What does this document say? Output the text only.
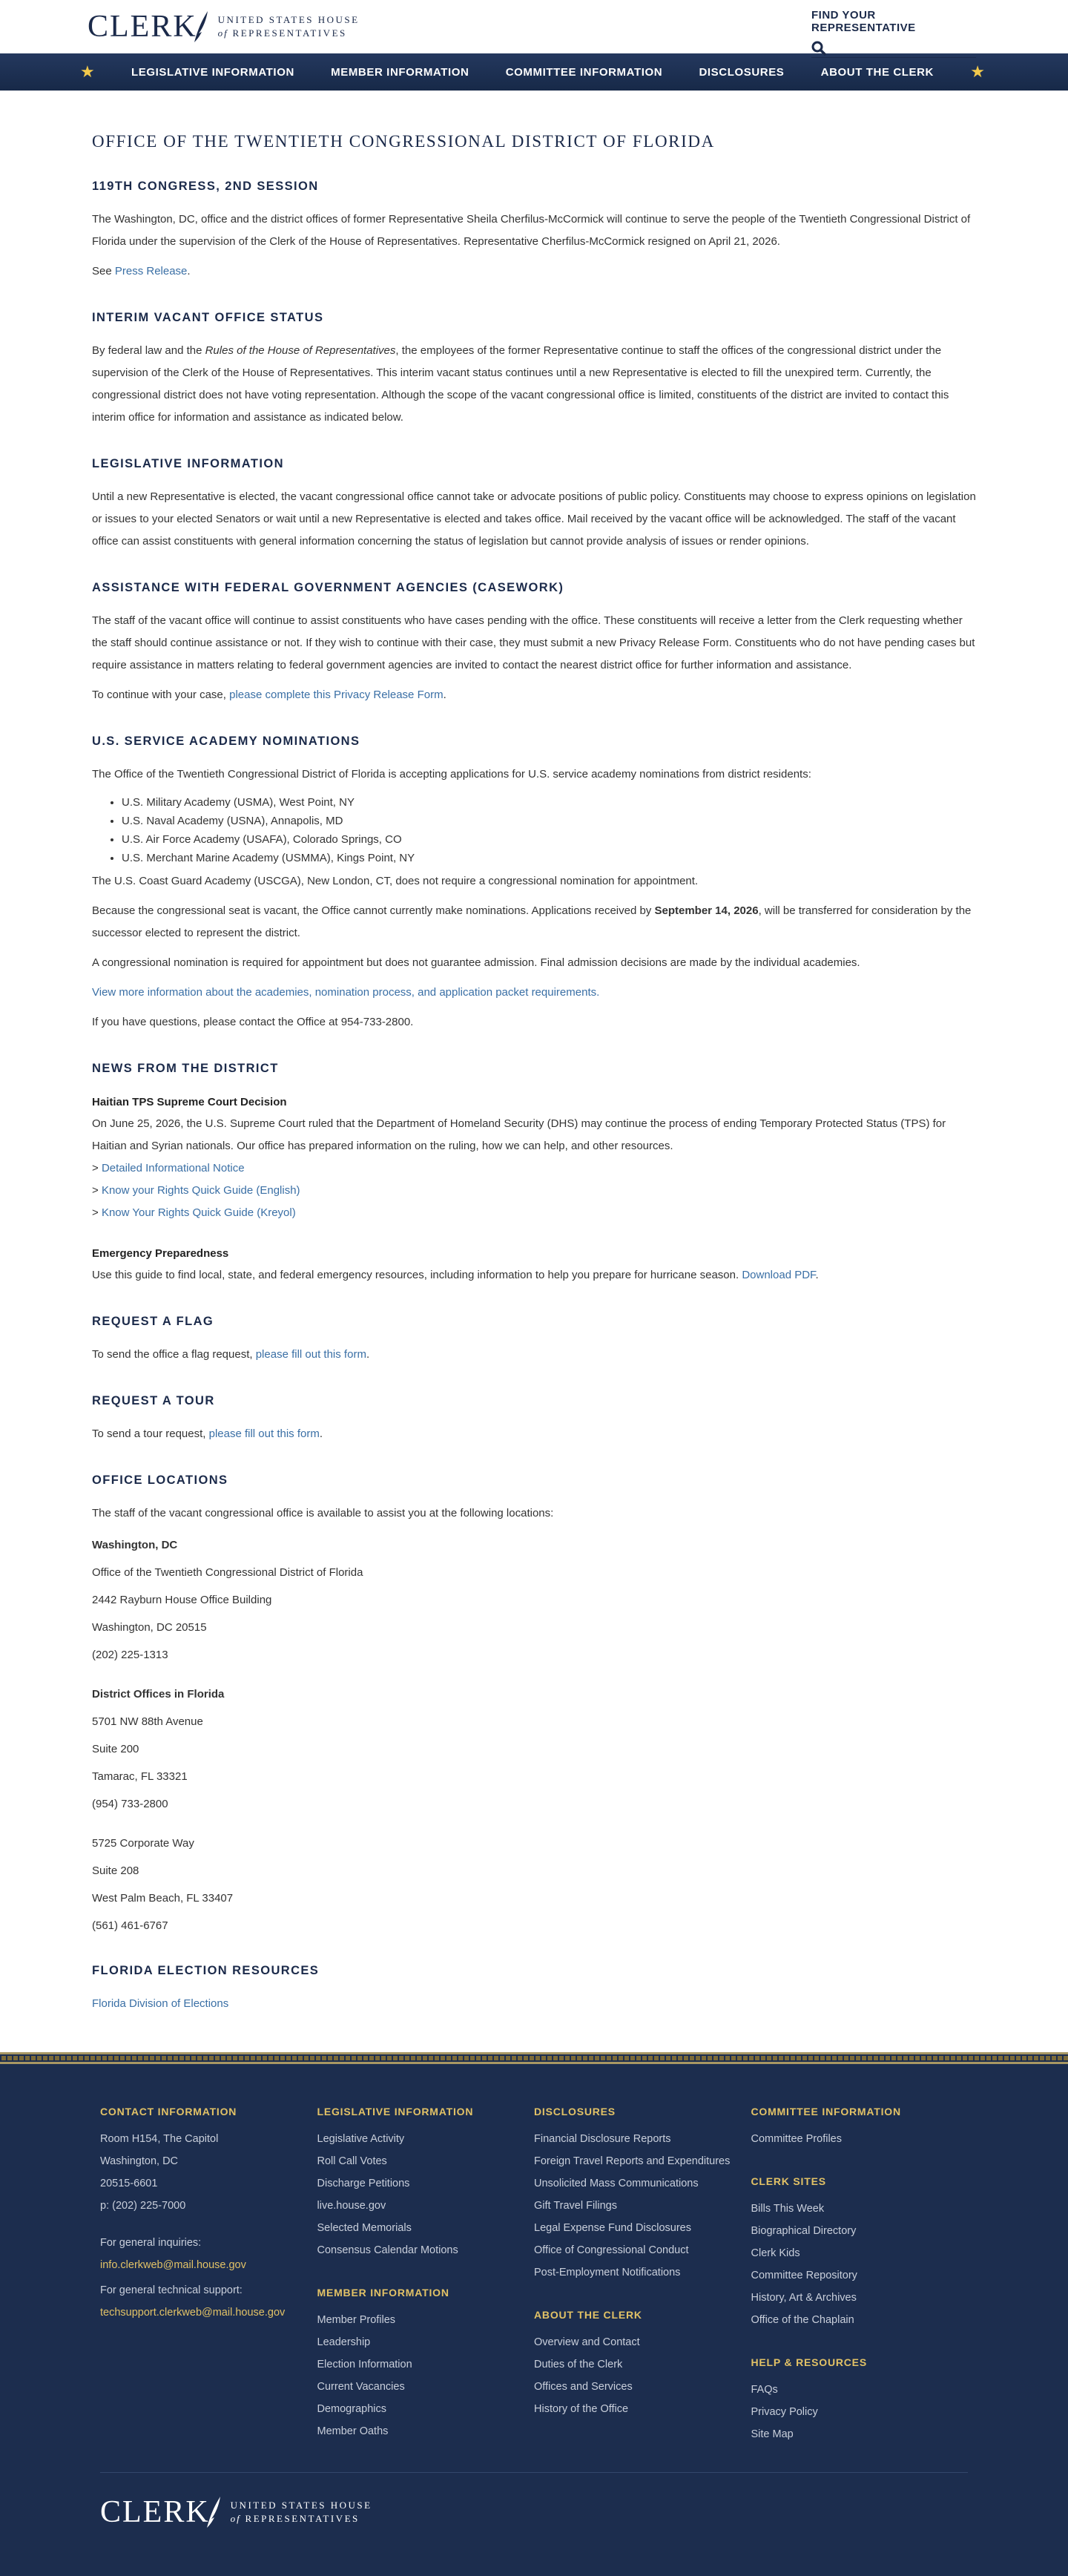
CLERK UNITED STATES HOUSE
of REPRESENTATIVES
FIND YOUR REPRESENTATIVE
★	LEGISLATIVE INFORMATION	MEMBER INFORMATION	COMMITTEE INFORMATION	DISCLOSURES	ABOUT THE CLERK ★
OFFICE OF THE TWENTIETH CONGRESSIONAL DISTRICT OF FLORIDA
119TH CONGRESS, 2ND SESSION

The Washington, DC, office and the district offices of former Representative Sheila Cherfilus-McCormick will continue to serve the people of the Twentieth Congressional District of Florida under the supervision of the Clerk of the House of Representatives. Representative Cherfilus-McCormick resigned on April 21, 2026.

See Press Release.

INTERIM VACANT OFFICE STATUS

By federal law and the Rules of the House of Representatives, the employees of the former Representative continue to staff the offices of the congressional district under the supervision of the Clerk of the House of Representatives. This interim vacant status continues until a new Representative is elected to fill the unexpired term. Currently, the congressional district does not have voting representation. Although the scope of the vacant congressional office is limited, constituents of the district are invited to contact this interim office for information and assistance as indicated below.

LEGISLATIVE INFORMATION

Until a new Representative is elected, the vacant congressional office cannot take or advocate positions of public policy. Constituents may choose to express opinions on legislation or issues to your elected Senators or wait until a new Representative is elected and takes office. Mail received by the vacant office will be acknowledged. The staff of the vacant office can assist constituents with general information concerning the status of legislation but cannot provide analysis of issues or render opinions.

ASSISTANCE WITH FEDERAL GOVERNMENT AGENCIES (CASEWORK)

The staff of the vacant office will continue to assist constituents who have cases pending with the office. These constituents will receive a letter from the Clerk requesting whether the staff should continue assistance or not. If they wish to continue with their case, they must submit a new Privacy Release Form. Constituents who do not have pending cases but require assistance in matters relating to federal government agencies are invited to contact the nearest district office for further information and assistance.

To continue with your case, please complete this Privacy Release Form.

U.S. SERVICE ACADEMY NOMINATIONS

The Office of the Twentieth Congressional District of Florida is accepting applications for U.S. service academy nominations from district residents:

• U.S. Military Academy (USMA), West Point, NY
• U.S. Naval Academy (USNA), Annapolis, MD
• U.S. Air Force Academy (USAFA), Colorado Springs, CO
• U.S. Merchant Marine Academy (USMMA), Kings Point, NY

The U.S. Coast Guard Academy (USCGA), New London, CT, does not require a congressional nomination for appointment.

Because the congressional seat is vacant, the Office cannot currently make nominations. Applications received by September 14, 2026, will be transferred for consideration by the successor elected to represent the district.

A congressional nomination is required for appointment but does not guarantee admission. Final admission decisions are made by the individual academies.

View more information about the academies, nomination process, and application packet requirements.

If you have questions, please contact the Office at 954-733-2800.

NEWS FROM THE DISTRICT
Haitian TPS Supreme Court Decision

On June 25, 2026, the U.S. Supreme Court ruled that the Department of Homeland Security (DHS) may continue the process of ending Temporary Protected Status (TPS) for Haitian and Syrian nationals. Our office has prepared information on the ruling, how we can help, and other resources.

> Detailed Informational Notice
> Know your Rights Quick Guide (English)
> Know Your Rights Quick Guide (Kreyol)
Emergency Preparedness

Use this guide to find local, state, and federal emergency resources, including information to help you prepare for hurricane season. Download PDF.

REQUEST A FLAG

To send the office a flag request, please fill out this form.

REQUEST A TOUR

To send a tour request, please fill out this form.

OFFICE LOCATIONS

The staff of the vacant congressional office is available to assist you at the following locations:

Washington, DC

Office of the Twentieth Congressional District of Florida

2442 Rayburn House Office Building

Washington, DC 20515

(202) 225-1313

District Offices in Florida

5701 NW 88th Avenue

Suite 200

Tamarac, FL 33321

(954) 733-2800

5725 Corporate Way

Suite 208

West Palm Beach, FL 33407

(561) 461-6767

FLORIDA ELECTION RESOURCES

Florida Division of Elections

CONTACT INFORMATION
Room H154, The Capitol
Washington, DC
20515-6601
p: (202) 225-7000
For general inquiries:
info.clerkweb@mail.house.gov
For general technical support:
techsupport.clerkweb@mail.house.gov
LEGISLATIVE INFORMATION
Legislative Activity
Roll Call Votes
Discharge Petitions
live.house.gov
Selected Memorials
Consensus Calendar Motions
MEMBER INFORMATION
Member Profiles
Leadership
Election Information
Current Vacancies
Demographics
Member Oaths
DISCLOSURES
Financial Disclosure Reports
Foreign Travel Reports and Expenditures
Unsolicited Mass Communications
Gift Travel Filings
Legal Expense Fund Disclosures
Office of Congressional Conduct
Post-Employment Notifications
ABOUT THE CLERK
Overview and Contact
Duties of the Clerk
Offices and Services
History of the Office
COMMITTEE INFORMATION
Committee Profiles
CLERK SITES
Bills This Week
Biographical Directory
Clerk Kids
Committee Repository
History, Art & Archives
Office of the Chaplain
HELP & RESOURCES
FAQs
Privacy Policy
Site Map
CLERK UNITED STATES HOUSE
of REPRESENTATIVES
